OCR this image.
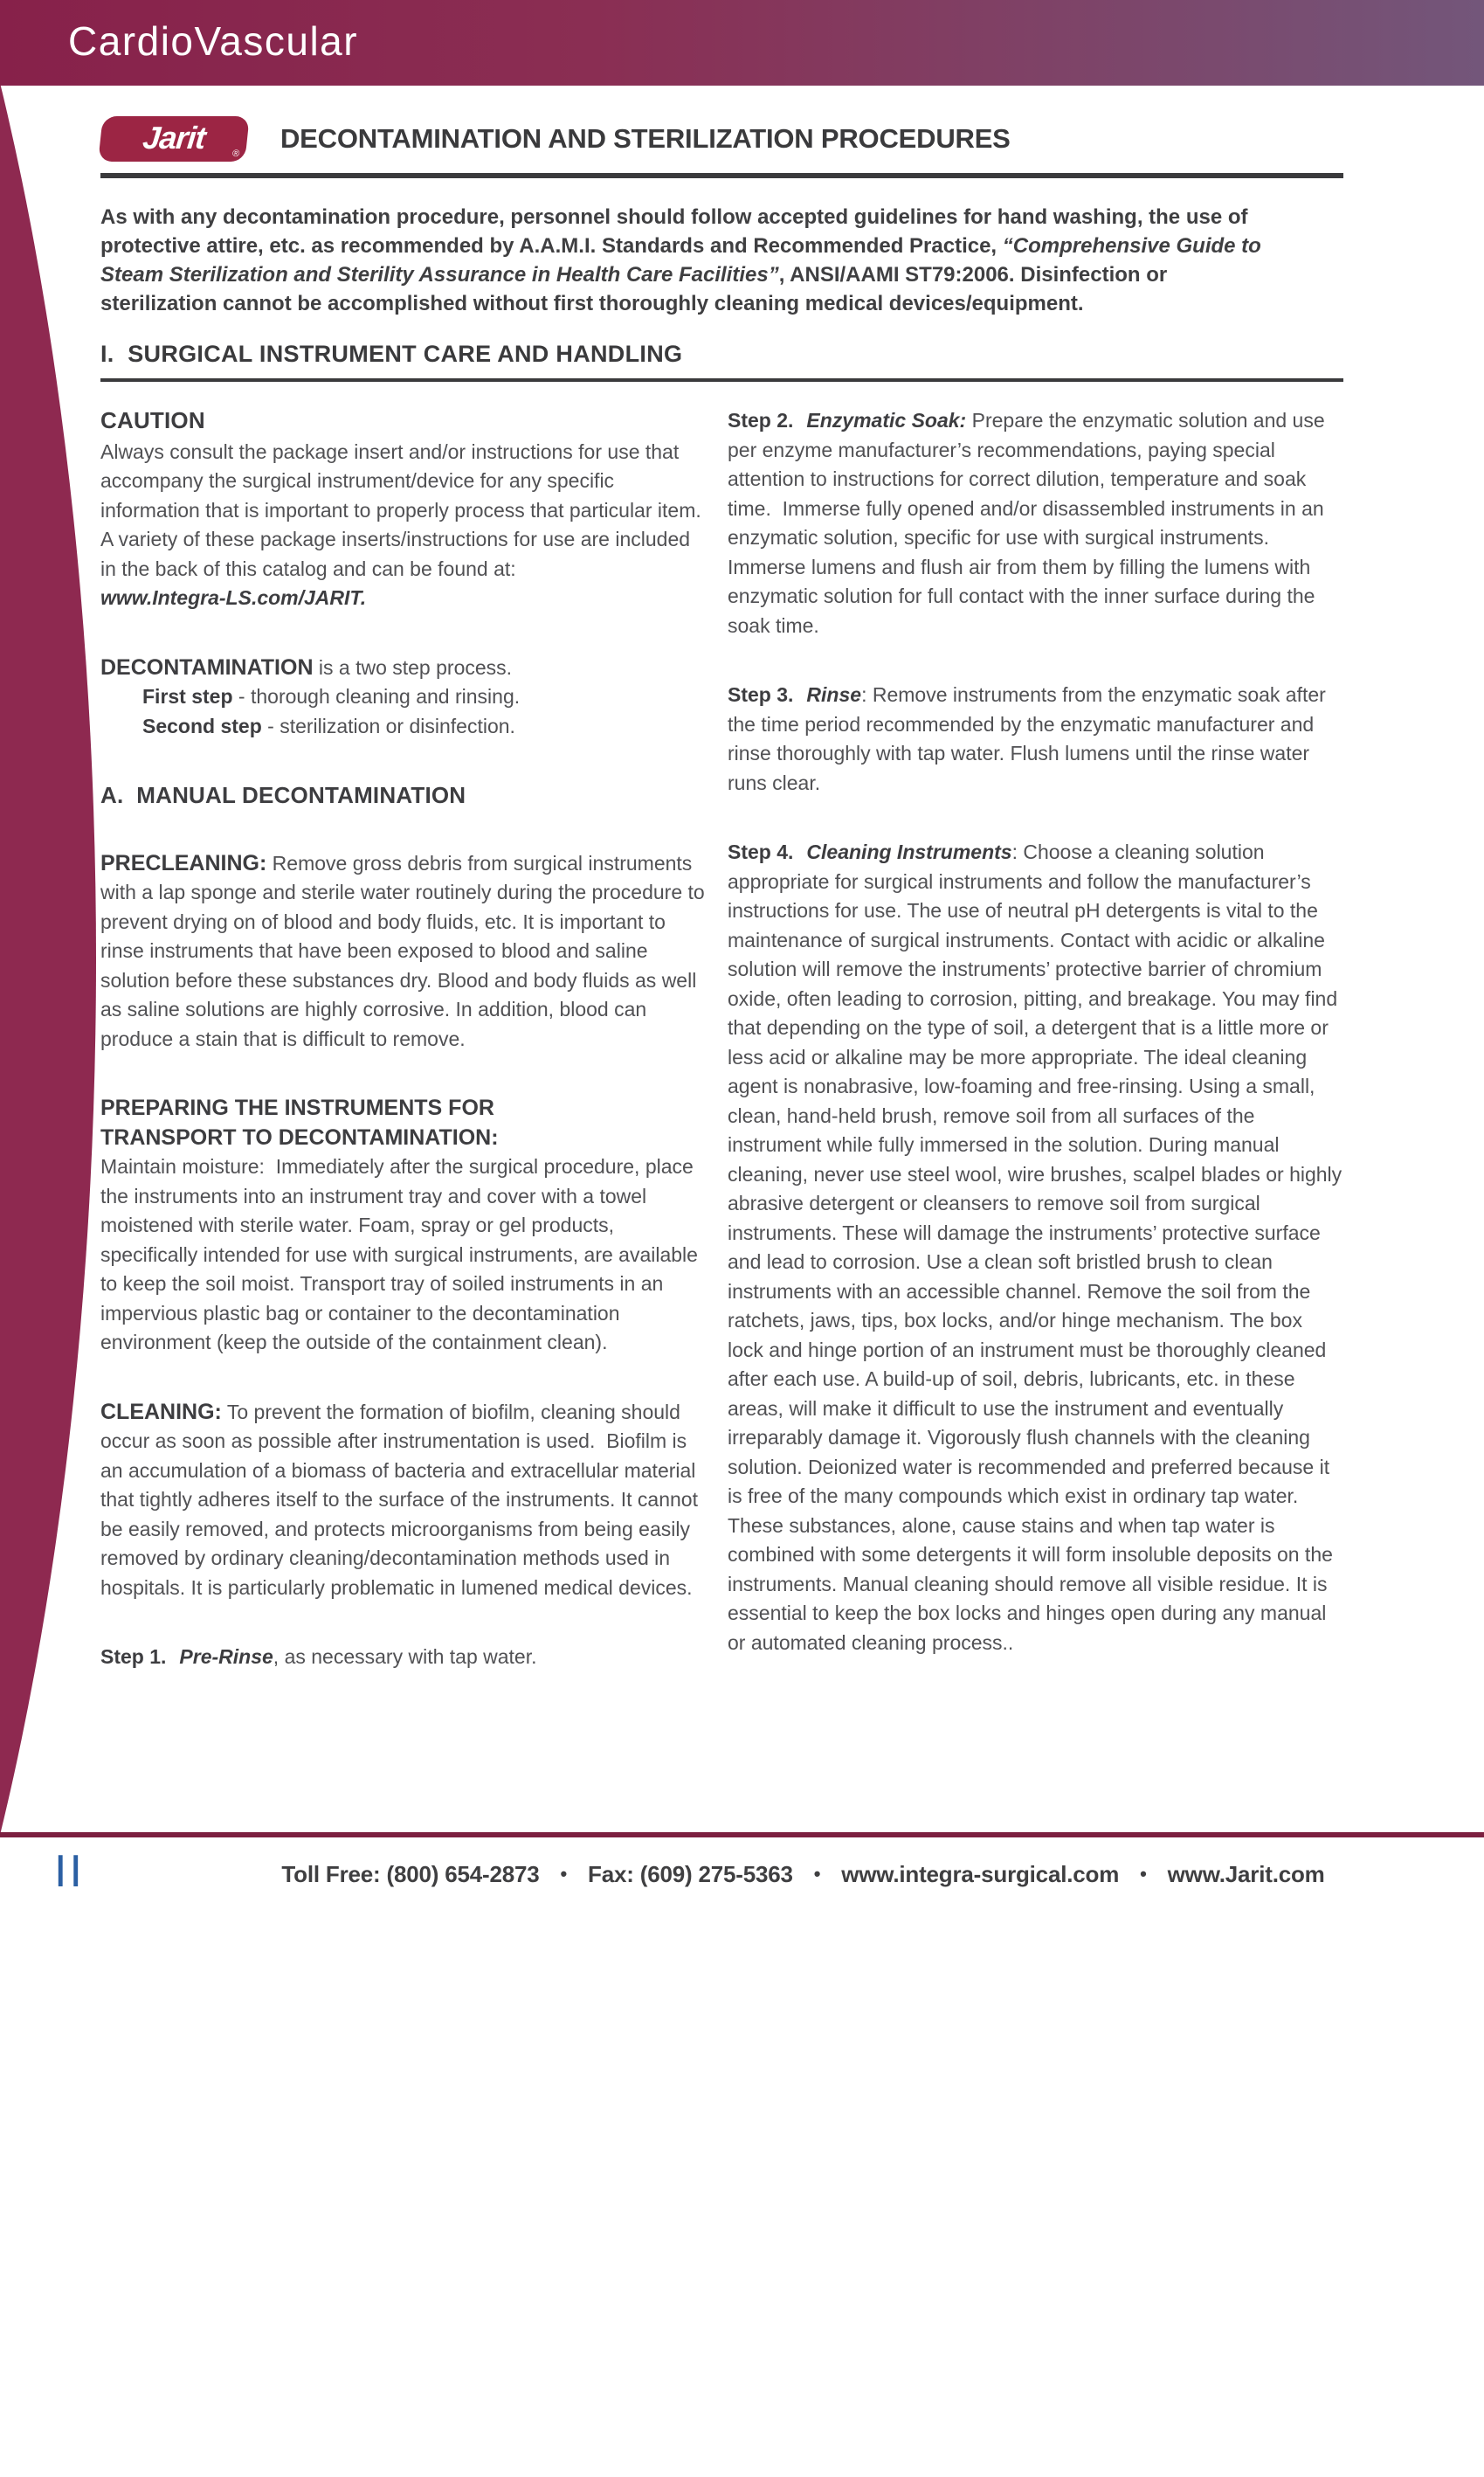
CardioVascular
Jarit	® DECONTAMINATION AND STERILIZATION PROCEDURES
As with any decontamination procedure, personnel should follow accepted guidelines for hand washing, the use of protective attire, etc. as recommended by A.A.M.I. Standards and Recommended Practice, “Comprehensive Guide to Steam Sterilization and Sterility Assurance in Health Care Facilities”, ANSI/AAMI ST79:2006. Disinfection or sterilization cannot be accomplished without first thoroughly cleaning medical devices/equipment.
I.  SURGICAL INSTRUMENT CARE AND HANDLING
CAUTION

Always consult the package insert and/or instructions for use that accompany the surgical instrument/device for any specific information that is important to properly process that particular item. A variety of these package inserts/instructions for use are included in the back of this catalog and can be found at:
www.Integra-LS.com/JARIT.

DECONTAMINATION is a two step process.
First step - thorough cleaning and rinsing.
Second step - sterilization or disinfection.

A.  MANUAL DECONTAMINATION

PRECLEANING: Remove gross debris from surgical instruments with a lap sponge and sterile water routinely during the procedure to prevent drying on of blood and body fluids, etc. It is important to rinse instruments that have been exposed to blood and saline solution before these substances dry. Blood and body fluids as well as saline solutions are highly corrosive. In addition, blood can produce a stain that is difficult to remove.

PREPARING THE INSTRUMENTS FOR
TRANSPORT TO DECONTAMINATION:
Maintain moisture:  Immediately after the surgical procedure, place the instruments into an instrument tray and cover with a towel moistened with sterile water. Foam, spray or gel products, specifically intended for use with surgical instruments, are available to keep the soil moist. Transport tray of soiled instruments in an impervious plastic bag or container to the decontamination environment (keep the outside of the containment clean).

CLEANING: To prevent the formation of biofilm, cleaning should occur as soon as possible after instrumentation is used.  Biofilm is an accumulation of a biomass of bacteria and extracellular material that tightly adheres itself to the surface of the instruments. It cannot be easily removed, and protects microorganisms from being easily removed by ordinary cleaning/decontamination methods used in hospitals. It is particularly problematic in lumened medical devices.

Step 1. Pre-Rinse, as necessary with tap water.

Step 2. Enzymatic Soak: Prepare the enzymatic solution and use per enzyme manufacturer’s recommendations, paying special attention to instructions for correct dilution, temperature and soak time.  Immerse fully opened and/or disassembled instruments in an enzymatic solution, specific for use with surgical instruments. Immerse lumens and flush air from them by filling the lumens with enzymatic solution for full contact with the inner surface during the soak time.

Step 3. Rinse: Remove instruments from the enzymatic soak after the time period recommended by the enzymatic manufacturer and rinse thoroughly with tap water. Flush lumens until the rinse water runs clear.

Step 4. Cleaning Instruments: Choose a cleaning solution appropriate for surgical instruments and follow the manufacturer’s instructions for use. The use of neutral pH detergents is vital to the maintenance of surgical instruments. Contact with acidic or alkaline solution will remove the instruments’ protective barrier of chromium oxide, often leading to corrosion, pitting, and breakage. You may find that depending on the type of soil, a detergent that is a little more or less acid or alkaline may be more appropriate. The ideal cleaning agent is nonabrasive, low-foaming and free-rinsing. Using a small, clean, hand-held brush, remove soil from all surfaces of the instrument while fully immersed in the solution. During manual cleaning, never use steel wool, wire brushes, scalpel blades or highly abrasive detergent or cleansers to remove soil from surgical instruments. These will damage the instruments’ protective surface and lead to corrosion. Use a clean soft bristled brush to clean instruments with an accessible channel. Remove the soil from the ratchets, jaws, tips, box locks, and/or hinge mechanism. The box lock and hinge portion of an instrument must be thoroughly cleaned after each use. A build-up of soil, debris, lubricants, etc. in these areas, will make it difficult to use the instrument and eventually irreparably damage it. Vigorously flush channels with the cleaning solution. Deionized water is recommended and preferred because it is free of the many compounds which exist in ordinary tap water. These substances, alone, cause stains and when tap water is combined with some detergents it will form insoluble deposits on the instruments. Manual cleaning should remove all visible residue. It is essential to keep the box locks and hinges open during any manual or automated cleaning process..

II	Toll Free: (800) 654-2873 • Fax: (609) 275-5363 • www.integra-surgical.com • www.Jarit.com
